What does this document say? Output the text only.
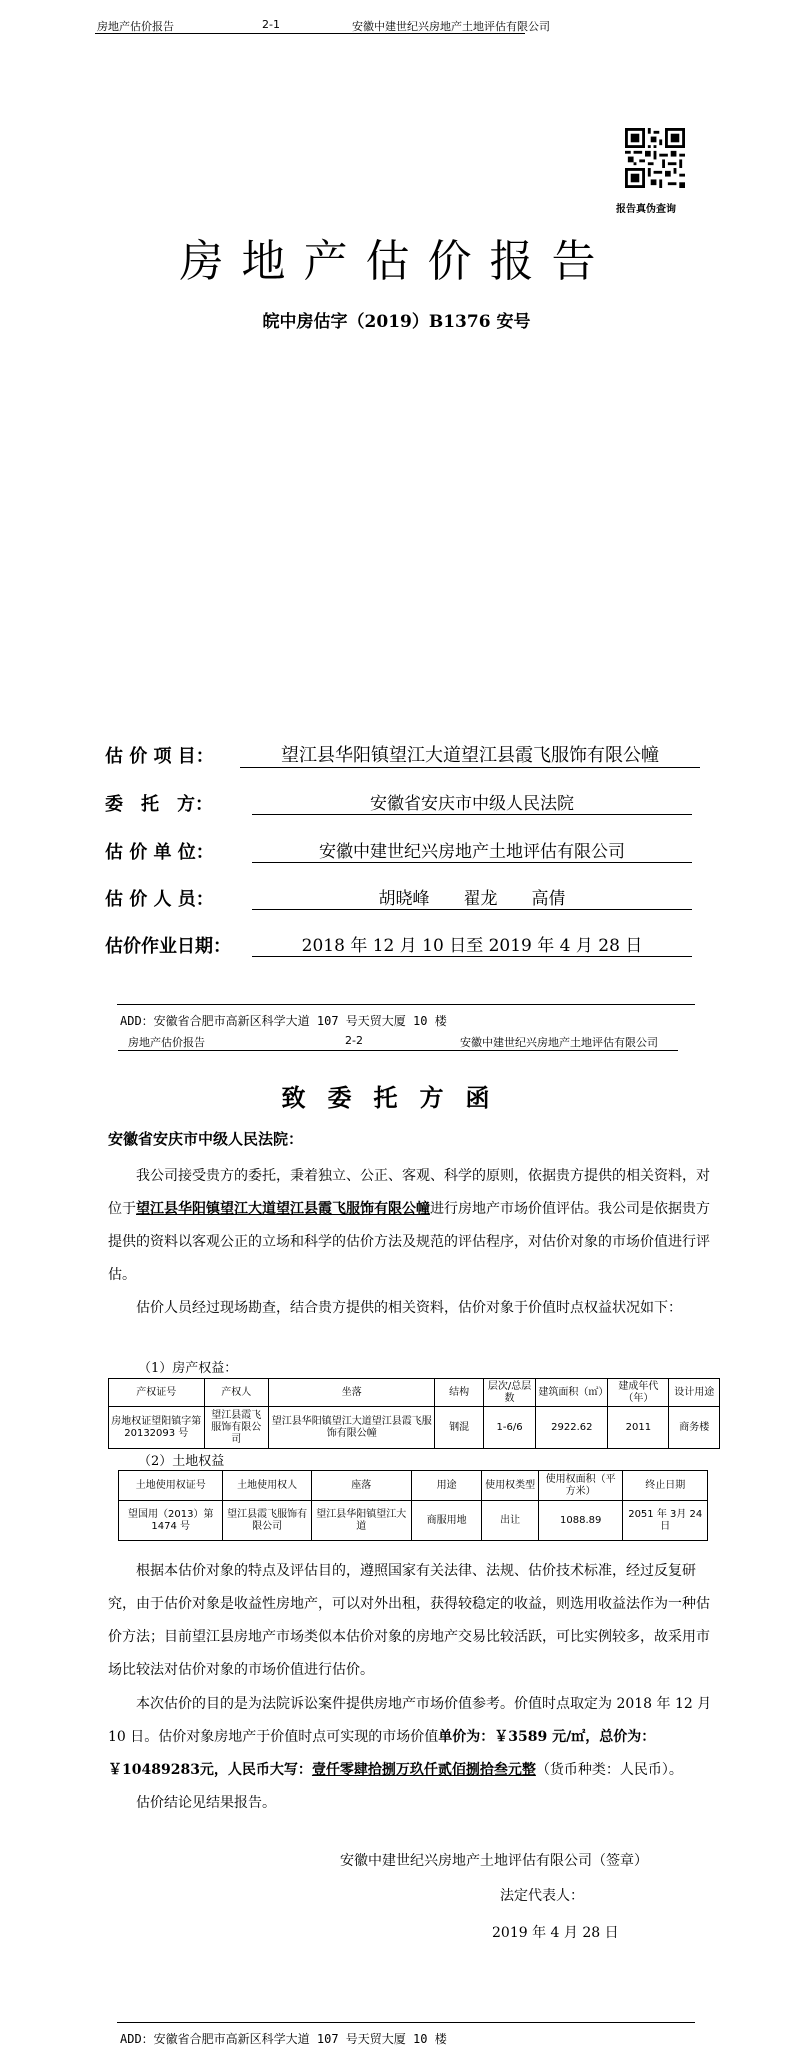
房地产估价报告	2-1	安徽中建世纪兴房地产土地评估有限公司
报告真伪查询
房地产估价报告
皖中房估字（2019）B1376 安号
估 价 项 目：	望江县华阳镇望江大道望江县霞飞服饰有限公幢
委　托　方：	安徽省安庆市中级人民法院
估 价 单 位：	安徽中建世纪兴房地产土地评估有限公司
估 价 人 员：	胡晓峰　　翟龙　　高倩
估价作业日期：	2018 年 12 月 10 日至 2019 年 4 月 28 日
ADD：安徽省合肥市高新区科学大道 107 号天贸大厦 10 楼
房地产估价报告	2-2	安徽中建世纪兴房地产土地评估有限公司
致委托方函
安徽省安庆市中级人民法院：
我公司接受贵方的委托，秉着独立、公正、客观、科学的原则，依据贵方提供的相关资料，对位于望江县华阳镇望江大道望江县霞飞服饰有限公幢进行房地产市场价值评估。我公司是依据贵方提供的资料以客观公正的立场和科学的估价方法及规范的评估程序，对估价对象的市场价值进行评估。
估价人员经过现场勘查，结合贵方提供的相关资料，估价对象于价值时点权益状况如下：
（1）房产权益：
产权证号	产权人	坐落	结构	层次/总层数	建筑面积（㎡）	建成年代（年）	设计用途
房地权证望阳镇字第 20132093 号	望江县霞飞服饰有限公司	望江县华阳镇望江大道望江县霞飞服饰有限公幢	钢混	1-6/6	2922.62	2011	商务楼
（2）土地权益
土地使用权证号	土地使用权人	座落	用途	使用权类型	使用权面积（平方米）	终止日期
望国用（2013）第 1474 号	望江县霞飞服饰有限公司	望江县华阳镇望江大道	商服用地	出让	1088.89	2051 年 3月 24 日
根据本估价对象的特点及评估目的，遵照国家有关法律、法规、估价技术标准，经过反复研究，由于估价对象是收益性房地产，可以对外出租，获得较稳定的收益，则选用收益法作为一种估价方法；目前望江县房地产市场类似本估价对象的房地产交易比较活跃，可比实例较多，故采用市场比较法对估价对象的市场价值进行估价。
本次估价的目的是为法院诉讼案件提供房地产市场价值参考。价值时点取定为 2018 年 12 月 10 日。估价对象房地产于价值时点可实现的市场价值单价为：￥3589 元/㎡，总价为：￥10489283元，人民币大写：壹仟零肆拾捌万玖仟贰佰捌拾叁元整（货币种类：人民币）。
估价结论见结果报告。
安徽中建世纪兴房地产土地评估有限公司（签章）
法定代表人：
2019 年 4 月 28 日
ADD：安徽省合肥市高新区科学大道 107 号天贸大厦 10 楼
